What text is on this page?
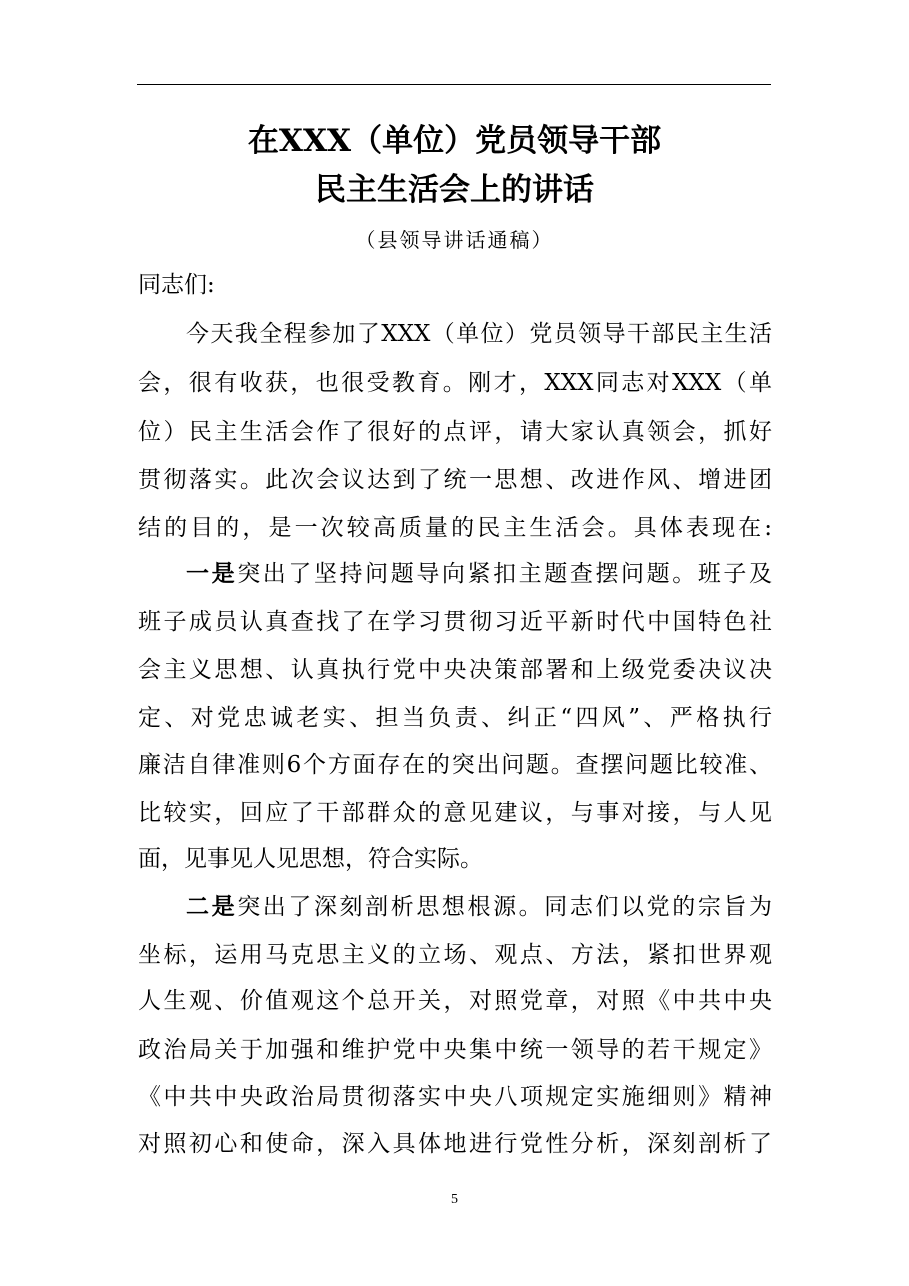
在XXX（单位）党员领导干部
民主生活会上的讲话
（县领导讲话通稿）
同志们:
今天我全程参加了XXX（单位）党员领导干部民主生活
会，很有收获，也很受教育。刚才，XXX同志对XXX（单
位）民主生活会作了很好的点评，请大家认真领会，抓好
贯彻落实。此次会议达到了统一思想、改进作风、增进团
结的目的，是一次较高质量的民主生活会。具体表现在:
一是突出了坚持问题导向紧扣主题查摆问题。班子及
班子成员认真查找了在学习贯彻习近平新时代中国特色社
会主义思想、认真执行党中央决策部署和上级党委决议决
定、对党忠诚老实、担当负责、纠正“四风”、严格执行
廉洁自律准则6个方面存在的突出问题。查摆问题比较准、
比较实，回应了干部群众的意见建议，与事对接，与人见
面，见事见人见思想，符合实际。
二是突出了深刻剖析思想根源。同志们以党的宗旨为
坐标，运用马克思主义的立场、观点、方法，紧扣世界观
人生观、价值观这个总开关，对照党章，对照《中共中央
政治局关于加强和维护党中央集中统一领导的若干规定》
《中共中央政治局贯彻落实中央八项规定实施细则》精神
对照初心和使命，深入具体地进行党性分析，深刻剖析了
5
